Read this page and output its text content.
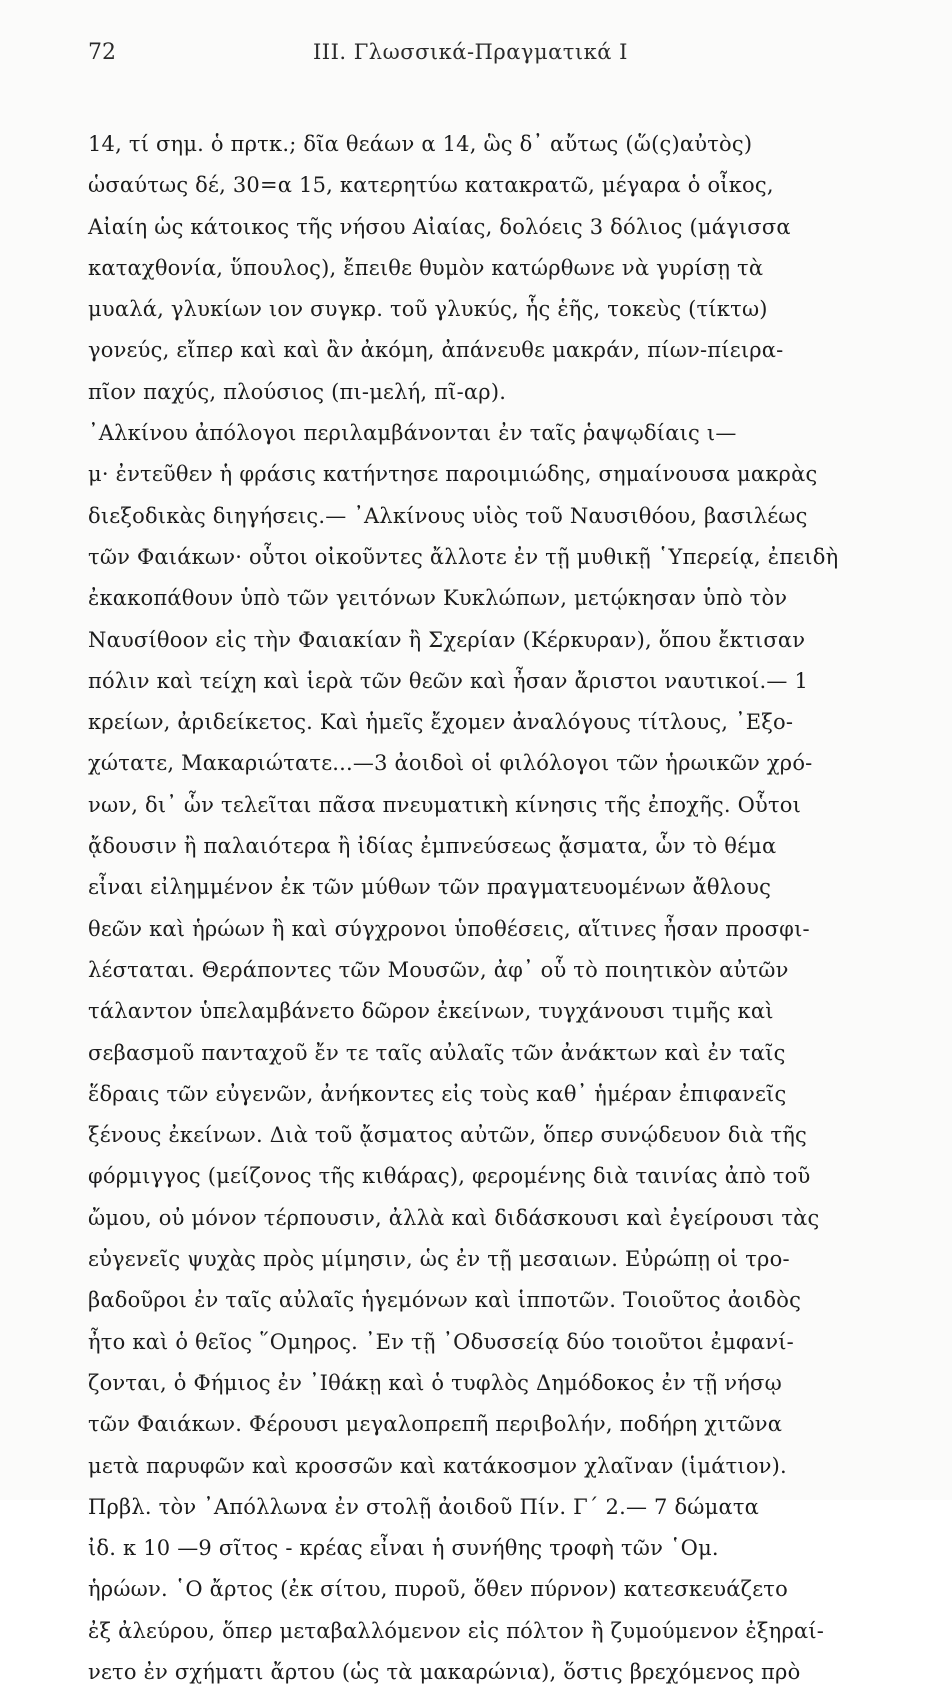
72	III. Γλωσσικά-Πραγματικά I
14, τί σημ. ὁ πρτκ.; δῖα θεάων α 14, ὣς δ᾿ αὔτως (ὥ(ς)αὐτὸς)
ὡσαύτως δέ, 30=α 15, κατερητύω κατακρατῶ, μέγαρα ὁ οἶκος,
Αἰαίη ὡς κάτοικος τῆς νήσου Αἰαίας, δολόεις 3 δόλιος (μάγισσα
καταχθονία, ὕπουλος), ἔπειθε θυμὸν κατώρθωνε νὰ γυρίσῃ τὰ
μυαλά, γλυκίων ιον συγκρ. τοῦ γλυκύς, ἧς ἑῆς, τοκεὺς (τίκτω)
γονεύς, εἴπερ καὶ καὶ ἂν ἀκόμη, ἀπάνευθε μακράν, πίων-πίειρα-
πῖον παχύς, πλούσιος (πι-μελή, πῖ-αρ).
᾿Αλκίνου ἀπόλογοι περιλαμβάνονται ἐν ταῖς ῥαψῳδίαις ι—
μ· ἐντεῦθεν ἡ φράσις κατήντησε παροιμιώδης, σημαίνουσα μακρὰς
διεξοδικὰς διηγήσεις.— ᾿Αλκίνους υἱὸς τοῦ Ναυσιθόου, βασιλέως
τῶν Φαιάκων· οὗτοι οἰκοῦντες ἄλλοτε ἐν τῇ μυθικῇ ῾Υπερείᾳ, ἐπειδὴ
ἐκακοπάθουν ὑπὸ τῶν γειτόνων Κυκλώπων, μετῴκησαν ὑπὸ τὸν
Ναυσίθοον εἰς τὴν Φαιακίαν ἢ Σχερίαν (Κέρκυραν), ὅπου ἔκτισαν
πόλιν καὶ τείχη καὶ ἱερὰ τῶν θεῶν καὶ ἦσαν ἄριστοι ναυτικοί.— 1
κρείων, ἀριδείκετος. Καὶ ἡμεῖς ἔχομεν ἀναλόγους τίτλους, ᾿Εξο-
χώτατε, Μακαριώτατε...—3 ἀοιδοὶ οἱ φιλόλογοι τῶν ἡρωικῶν χρό-
νων, δι᾿ ὧν τελεῖται πᾶσα πνευματικὴ κίνησις τῆς ἐποχῆς. Οὗτοι
ᾄδουσιν ἢ παλαιότερα ἢ ἰδίας ἐμπνεύσεως ᾄσματα, ὧν τὸ θέμα
εἶναι εἰλημμένον ἐκ τῶν μύθων τῶν πραγματευομένων ἄθλους
θεῶν καὶ ἡρώων ἢ καὶ σύγχρονοι ὑποθέσεις, αἵτινες ἦσαν προσφι-
λέσταται. Θεράποντες τῶν Μουσῶν, ἀφ᾿ οὗ τὸ ποιητικὸν αὐτῶν
τάλαντον ὑπελαμβάνετο δῶρον ἐκείνων, τυγχάνουσι τιμῆς καὶ
σεβασμοῦ πανταχοῦ ἔν τε ταῖς αὐλαῖς τῶν ἀνάκτων καὶ ἐν ταῖς
ἕδραις τῶν εὐγενῶν, ἀνήκοντες εἰς τοὺς καθ᾿ ἡμέραν ἐπιφανεῖς
ξένους ἐκείνων. Διὰ τοῦ ᾄσματος αὐτῶν, ὅπερ συνῴδευον διὰ τῆς
φόρμιγγος (μείζονος τῆς κιθάρας), φερομένης διὰ ταινίας ἀπὸ τοῦ
ὤμου, οὐ μόνον τέρπουσιν, ἀλλὰ καὶ διδάσκουσι καὶ ἐγείρουσι τὰς
εὐγενεῖς ψυχὰς πρὸς μίμησιν, ὡς ἐν τῇ μεσαιων. Εὐρώπῃ οἱ τρο-
βαδοῦροι ἐν ταῖς αὐλαῖς ἡγεμόνων καὶ ἱπποτῶν. Τοιοῦτος ἀοιδὸς
ἦτο καὶ ὁ θεῖος ῞Ομηρος. ᾿Εν τῇ ᾿Οδυσσείᾳ δύο τοιοῦτοι ἐμφανί-
ζονται, ὁ Φήμιος ἐν ᾿Ιθάκῃ καὶ ὁ τυφλὸς Δημόδοκος ἐν τῇ νήσῳ
τῶν Φαιάκων. Φέρουσι μεγαλοπρεπῆ περιβολήν, ποδήρη χιτῶνα
μετὰ παρυφῶν καὶ κροσσῶν καὶ κατάκοσμον χλαῖναν (ἱμάτιον).
Πρβλ. τὸν ᾿Απόλλωνα ἐν στολῇ ἀοιδοῦ Πίν. Γ΄ 2.— 7 δώματα
ἰδ. κ 10 —9 σῖτος - κρέας εἶναι ἡ συνήθης τροφὴ τῶν ῾Ομ.
ἡρώων. ῾Ο ἄρτος (ἐκ σίτου, πυροῦ, ὅθεν πύρνον) κατεσκευάζετο
ἐξ ἀλεύρου, ὅπερ μεταβαλλόμενον εἰς πόλτον ἢ ζυμούμενον ἐξηραί-
νετο ἐν σχήματι ἄρτου (ὡς τὰ μακαρώνια), ὅστις βρεχόμενος πρὸ
